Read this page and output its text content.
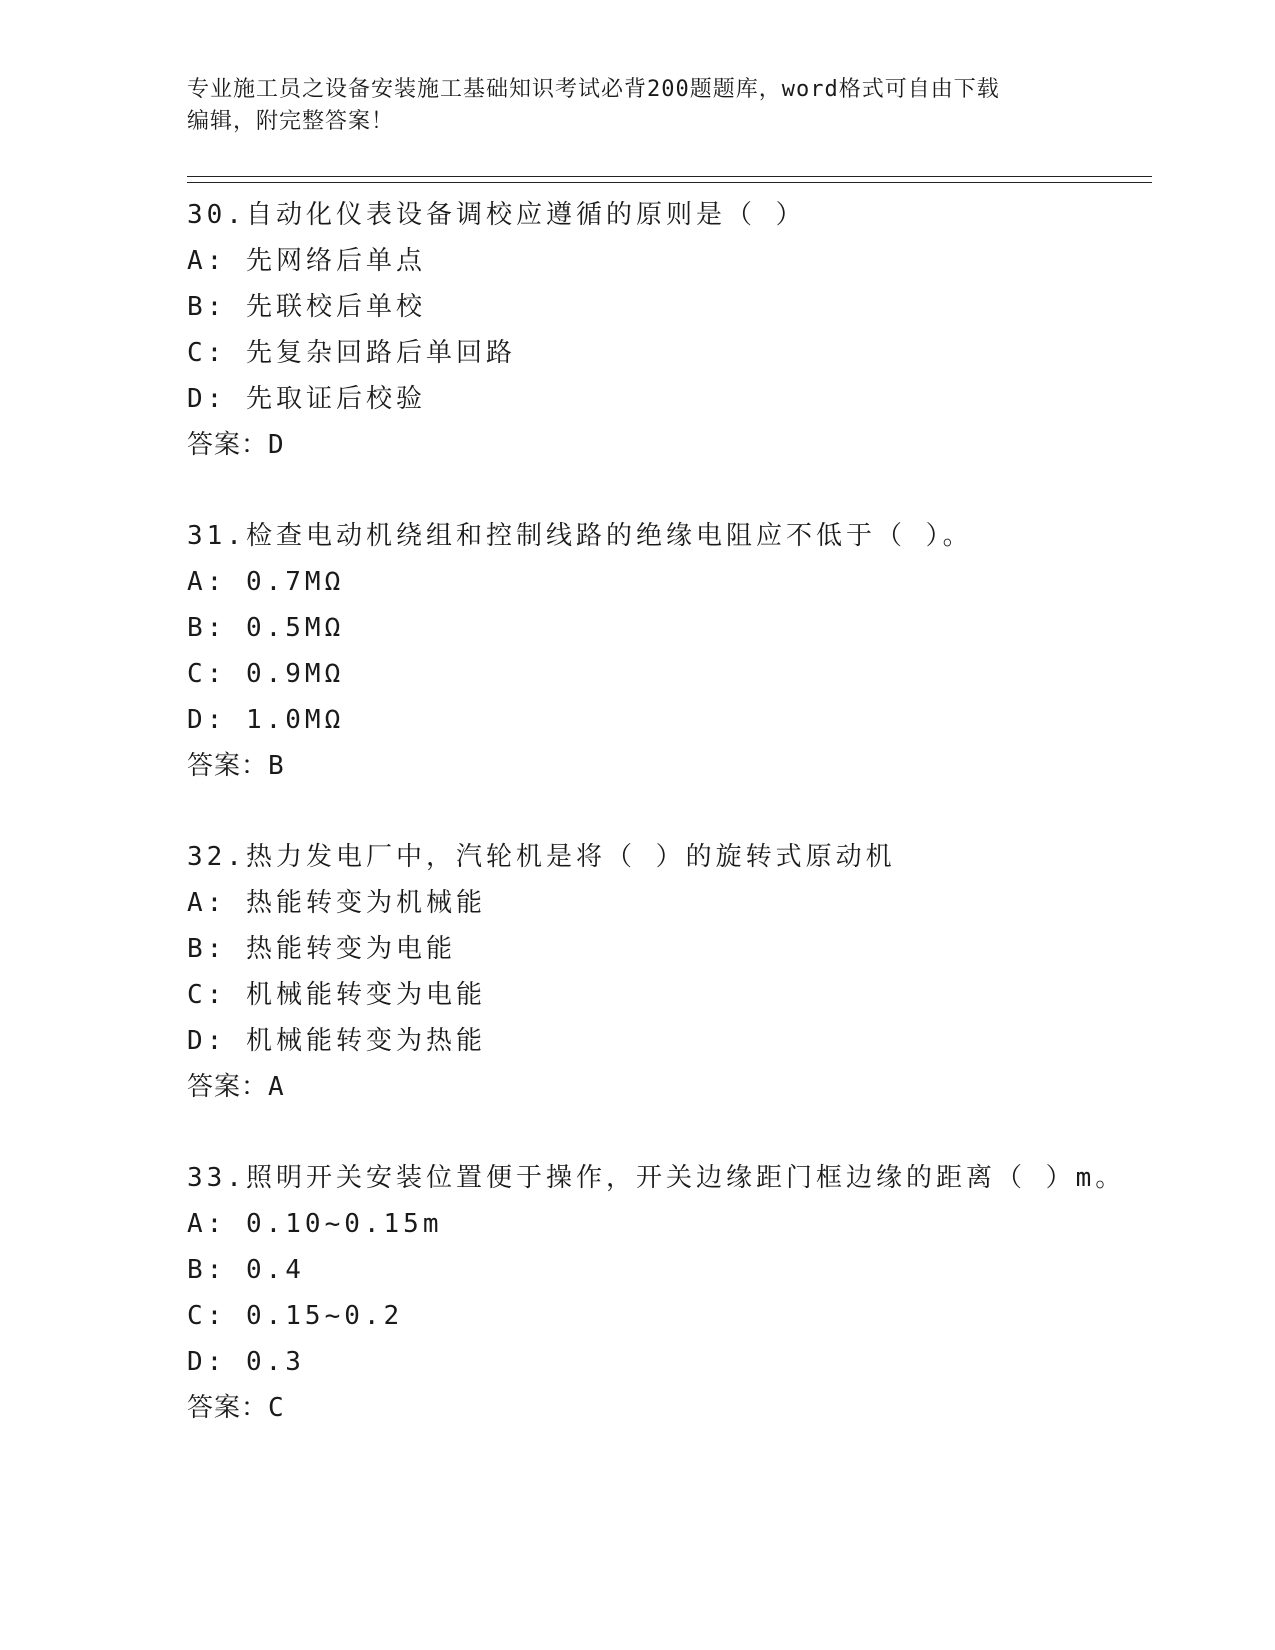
专业施工员之设备安装施工基础知识考试必背200题题库，word格式可自由下载
编辑，附完整答案！
30.自动化仪表设备调校应遵循的原则是（ ）
A: 先网络后单点
B: 先联校后单校
C: 先复杂回路后单回路
D: 先取证后校验
答案：D
31.检查电动机绕组和控制线路的绝缘电阻应不低于（ ）。
A: 0.7MΩ
B: 0.5MΩ
C: 0.9MΩ
D: 1.0MΩ
答案：B
32.热力发电厂中，汽轮机是将（ ）的旋转式原动机
A: 热能转变为机械能
B: 热能转变为电能
C: 机械能转变为电能
D: 机械能转变为热能
答案：A
33.照明开关安装位置便于操作，开关边缘距门框边缘的距离（ ）m。
A: 0.10~0.15m
B: 0.4
C: 0.15~0.2
D: 0.3
答案：C
